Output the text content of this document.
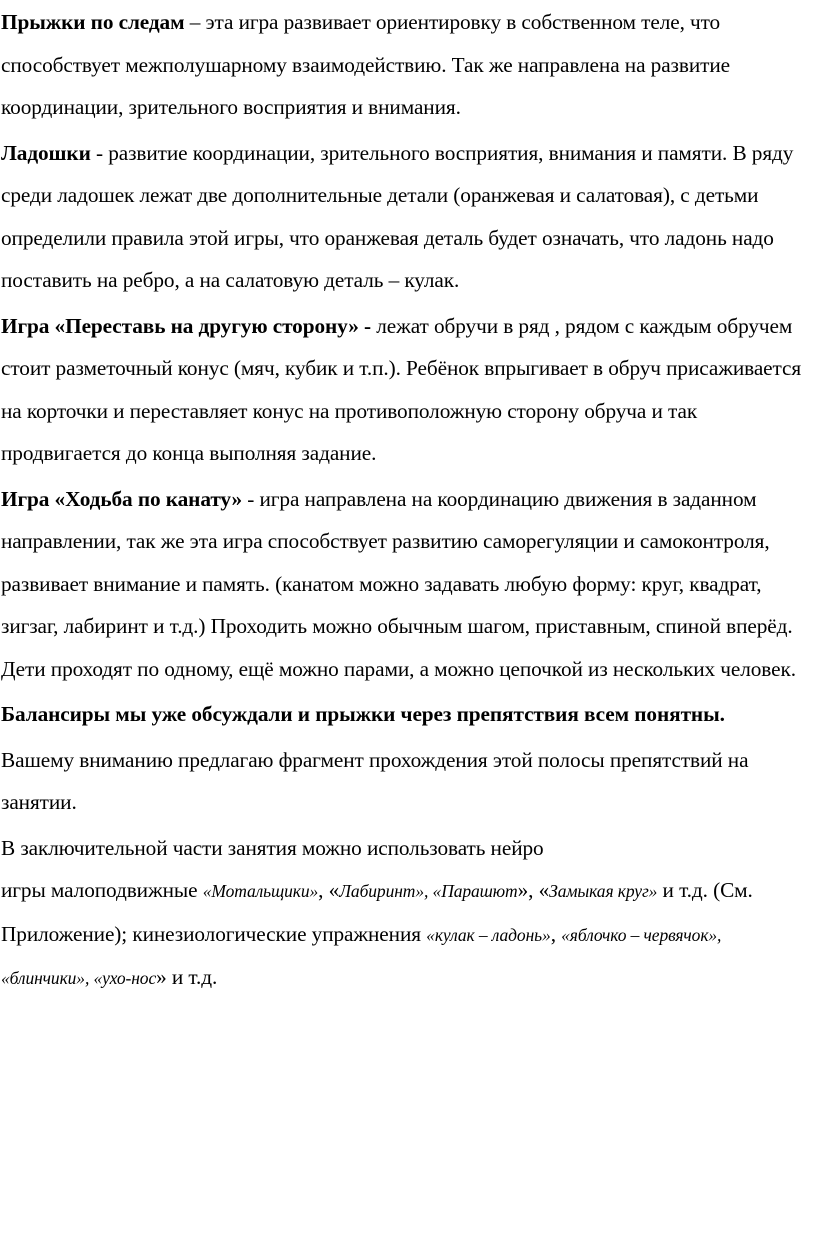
Прыжки по следам – эта игра развивает ориентировку в собственном теле, что способствует межполушарному взаимодействию. Так же направлена на развитие координации, зрительного восприятия и внимания.

Ладошки - развитие координации, зрительного восприятия, внимания и памяти. В ряду среди ладошек лежат две дополнительные детали (оранжевая и салатовая), с детьми определили правила этой игры, что оранжевая деталь будет означать, что ладонь надо поставить на ребро, а на салатовую деталь – кулак.

Игра «Переставь на другую сторону» - лежат обручи в ряд , рядом с каждым обручем стоит разметочный конус (мяч, кубик и т.п.). Ребёнок впрыгивает в обруч присаживается на корточки и переставляет конус на противоположную сторону обруча и так продвигается до конца выполняя задание.

Игра «Ходьба по канату» - игра направлена на координацию движения в заданном направлении, так же эта игра способствует развитию саморегуляции и самоконтроля, развивает внимание и память. (канатом можно задавать любую форму: круг, квадрат, зигзаг, лабиринт и т.д.) Проходить можно обычным шагом, приставным, спиной вперёд. Дети проходят по одному, ещё можно парами, а можно цепочкой из нескольких человек.

Балансиры мы уже обсуждали и прыжки через препятствия всем понятны.

Вашему вниманию предлагаю фрагмент прохождения этой полосы препятствий на занятии.

В заключительной части занятия можно использовать нейро
игры малоподвижные «Мотальщики», «Лабиринт», «Парашют», «Замыкая круг» и т.д. (См. Приложение); кинезиологические упражнения «кулак – ладонь», «яблочко – червячок», «блинчики», «ухо-нос» и т.д.
